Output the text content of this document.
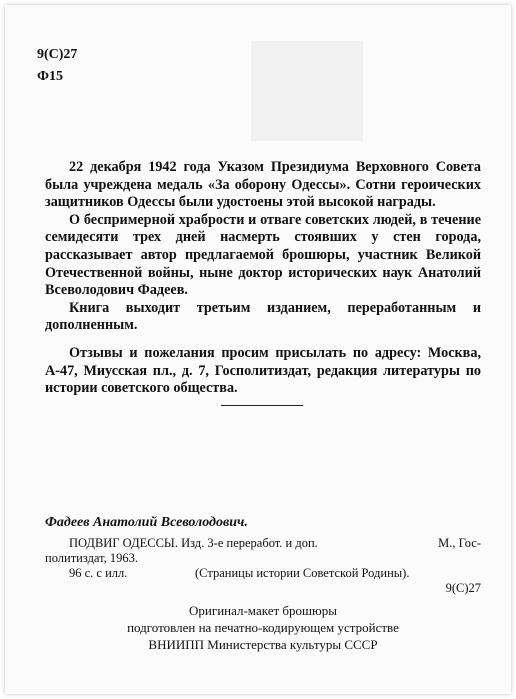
9(С)27
Ф15

22 декабря 1942 года Указом Президиума Верховного Совета была учреждена медаль «За оборону Одессы». Сотни героических защитников Одессы были удостоены этой высокой награды.

О беспримерной храбрости и отваге советских людей, в течение семидесяти трех дней насмерть стоявших у стен города, рассказывает автор предлагаемой брошюры, участник Великой Отечественной войны, ныне доктор исторических наук Анатолий Всеволодович Фадеев.

Книга выходит третьим изданием, переработанным и дополненным.

Отзывы и пожелания просим присылать по адресу: Москва, А-47, Миусская пл., д. 7, Госполитиздат, редакция литературы по истории советского общества.

Фадеев Анатолий Всеволодович.
ПОДВИГ ОДЕССЫ. Изд. 3-е переработ. и доп.	М., Гос-
политиздат, 1963.
96 с. с илл.	(Страницы истории Советской Родины).
9(С)27
Оригинал-макет брошюры
подготовлен на печатно-кодирующем устройстве
ВНИИПП Министерства культуры СССР
